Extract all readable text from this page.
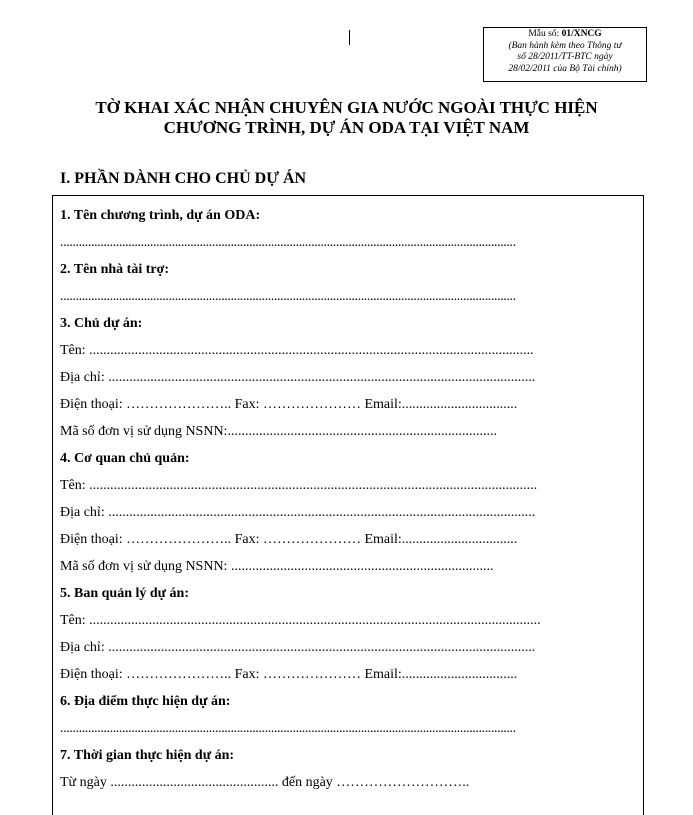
Mẫu số: 01/XNCG
(Ban hành kèm theo Thông tư
số 28/2011/TT-BTC ngày
28/02/2011 của Bộ Tài chính)
TỜ KHAI XÁC NHẬN CHUYÊN GIA NƯỚC NGOÀI THỰC HIỆN
CHƯƠNG TRÌNH, DỰ ÁN ODA TẠI VIỆT NAM
I. PHẦN DÀNH CHO CHỦ DỰ ÁN
1. Tên chương trình, dự án ODA:
...................................................................................................................................................
2. Tên nhà tài trợ:
...................................................................................................................................................
3. Chủ dự án:
Tên: ...............................................................................................................................
Địa chỉ: ..........................................................................................................................
Điện thoại: ………………….. Fax: ………………… Email:.................................
Mã số đơn vị sử dụng NSNN:.............................................................................
4. Cơ quan chủ quản:
Tên: ................................................................................................................................
Địa chỉ: ..........................................................................................................................
Điện thoại: ………………….. Fax: ………………… Email:.................................
Mã số đơn vị sử dụng NSNN: ...........................................................................
5. Ban quản lý dự án:
Tên: .................................................................................................................................
Địa chỉ: ..........................................................................................................................
Điện thoại: ………………….. Fax: ………………… Email:.................................
6. Địa điểm thực hiện dự án:
...................................................................................................................................................
7. Thời gian thực hiện dự án:
Từ ngày ................................................ đến ngày ………………………..
